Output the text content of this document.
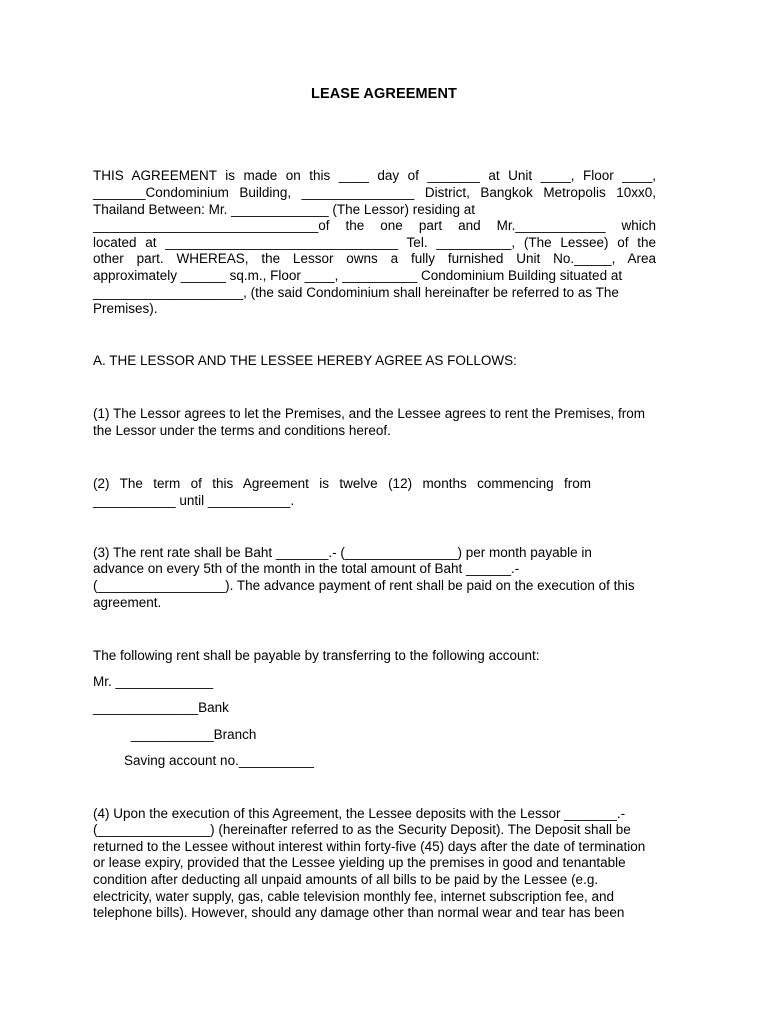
LEASE AGREEMENT
THIS AGREEMENT is made on this ____ day of _______ at Unit ____, Floor ____,
_______Condominium Building, _______________ District, Bangkok Metropolis 10xx0,
Thailand Between: Mr. _____________ (The Lessor) residing at
______________________________of the one part and Mr.____________ which
located at _______________________________ Tel. __________, (The Lessee) of the
other part. WHEREAS, the Lessor owns a fully furnished Unit No._____, Area
approximately ______ sq.m., Floor ____, __________ Condominium Building situated at
____________________, (the said Condominium shall hereinafter be referred to as The
Premises).
A. THE LESSOR AND THE LESSEE HEREBY AGREE AS FOLLOWS:
(1) The Lessor agrees to let the Premises, and the Lessee agrees to rent the Premises, from
the Lessor under the terms and conditions hereof.
(2) The term of this Agreement is twelve (12) months commencing from
___________ until ___________.
(3) The rent rate shall be Baht _______.- (_______________) per month payable in
advance on every 5th of the month in the total amount of Baht ______.-
(_________________). The advance payment of rent shall be paid on the execution of this
agreement.
The following rent shall be payable by transferring to the following account:
Mr. _____________
______________Bank
___________Branch
Saving account no.__________
(4) Upon the execution of this Agreement, the Lessee deposits with the Lessor _______.-
(_______________) (hereinafter referred to as the Security Deposit). The Deposit shall be
returned to the Lessee without interest within forty-five (45) days after the date of termination
or lease expiry, provided that the Lessee yielding up the premises in good and tenantable
condition after deducting all unpaid amounts of all bills to be paid by the Lessee (e.g.
electricity, water supply, gas, cable television monthly fee, internet subscription fee, and
telephone bills). However, should any damage other than normal wear and tear has been
